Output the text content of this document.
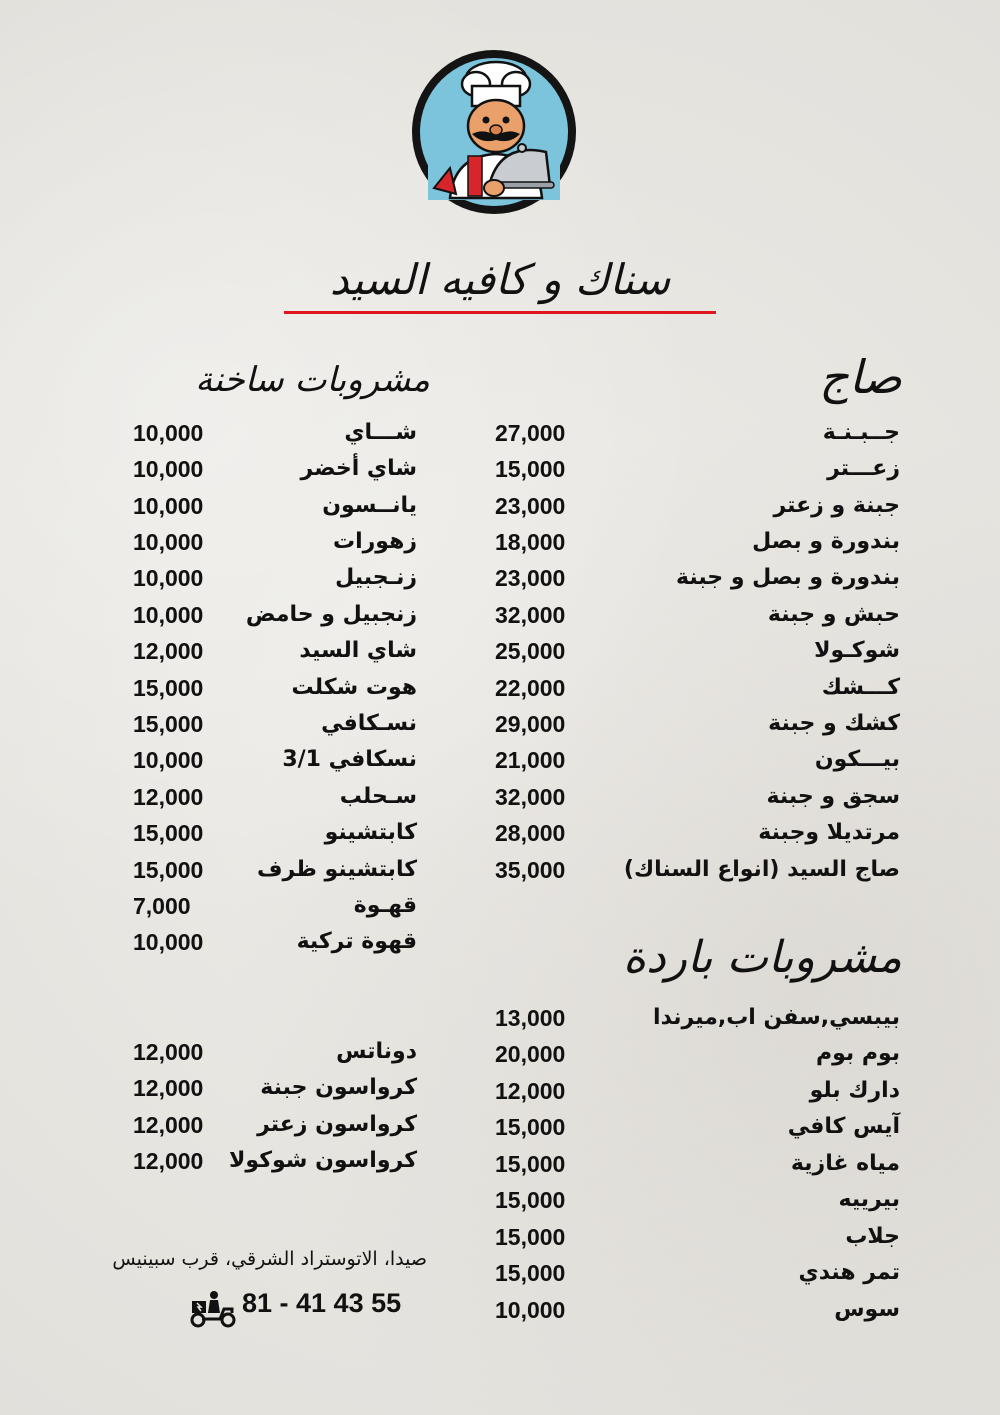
سناك و كافيه السيد
صاج
مشروبات ساخنة
مشروبات باردة
جــبـنـة
27,000
زعـــتر
15,000
جبنة و زعتر
23,000
بندورة و بصل
18,000
بندورة و بصل و جبنة
23,000
حبش و جبنة
32,000
شوكـولا
25,000
كـــشك
22,000
كشك و جبنة
29,000
بيـــكون
21,000
سجق و جبنة
32,000
مرتديلا وجبنة
28,000
صاج السيد (انواع السناك)
35,000
بيبسي,سفن اب,ميرندا
13,000
بوم بوم
20,000
دارك بلو
12,000
آيس كافي
15,000
مياه غازية
15,000
بيرييه
15,000
جلاب
15,000
تمر هندي
15,000
سوس
10,000
شـــاي
10,000
شاي أخضر
10,000
يانــسون
10,000
زهورات
10,000
زنـجبيل
10,000
زنجبيل و حامض
10,000
شاي السيد
12,000
هوت شكلت
15,000
نسـكافي
15,000
نسكافي 3/1
10,000
سـحلب
12,000
كابتشينو
15,000
كابتشينو ظرف
15,000
قهـوة
7,000
قهوة تركية
10,000
دوناتس
12,000
كرواسون جبنة
12,000
كرواسون زعتر
12,000
كرواسون شوكولا
12,000
صيدا، الاتوستراد الشرقي، قرب سبينيس
81 - 41 43 55
